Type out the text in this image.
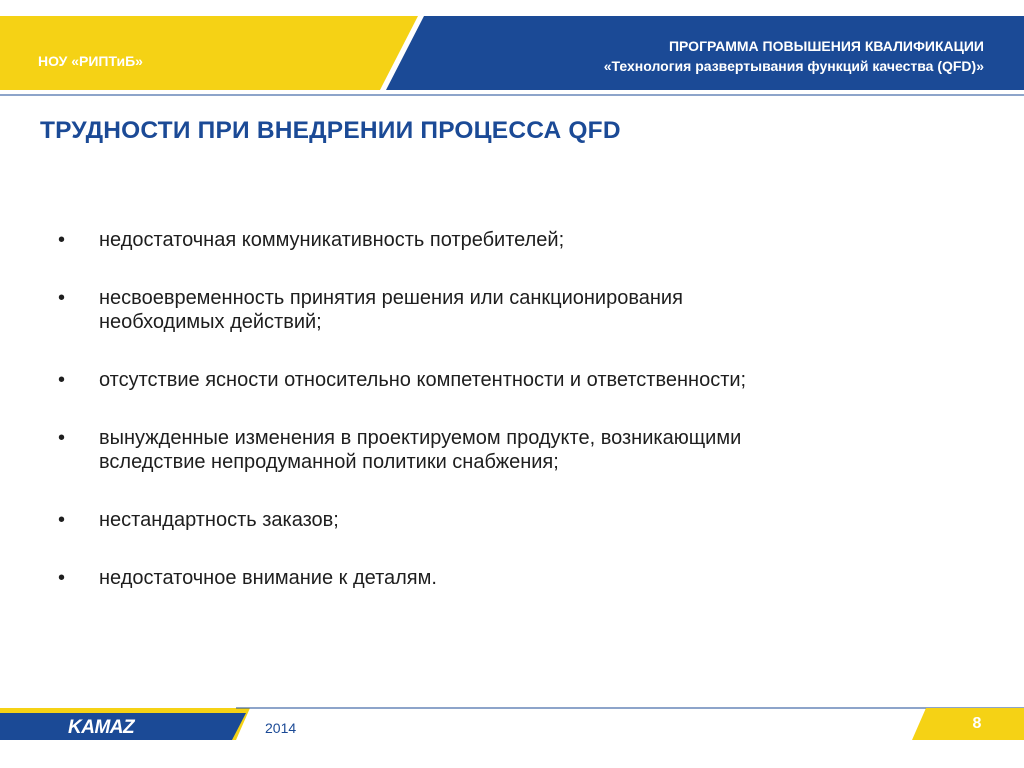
НОУ «РИПТиБ»
ПРОГРАММА ПОВЫШЕНИЯ КВАЛИФИКАЦИИ
«Технология развертывания функций качества (QFD)»
ТРУДНОСТИ ПРИ ВНЕДРЕНИИ ПРОЦЕССА QFD
• недостаточная коммуникативность потребителей;
• несвоевременность принятия решения или санкционирования
необходимых действий;
• отсутствие ясности относительно компетентности и ответственности;
• вынужденные изменения в проектируемом продукте, возникающими
вследствие непродуманной политики снабжения;
• нестандартность заказов;
• недостаточное внимание к деталям.
KAMAZ	2014	8
